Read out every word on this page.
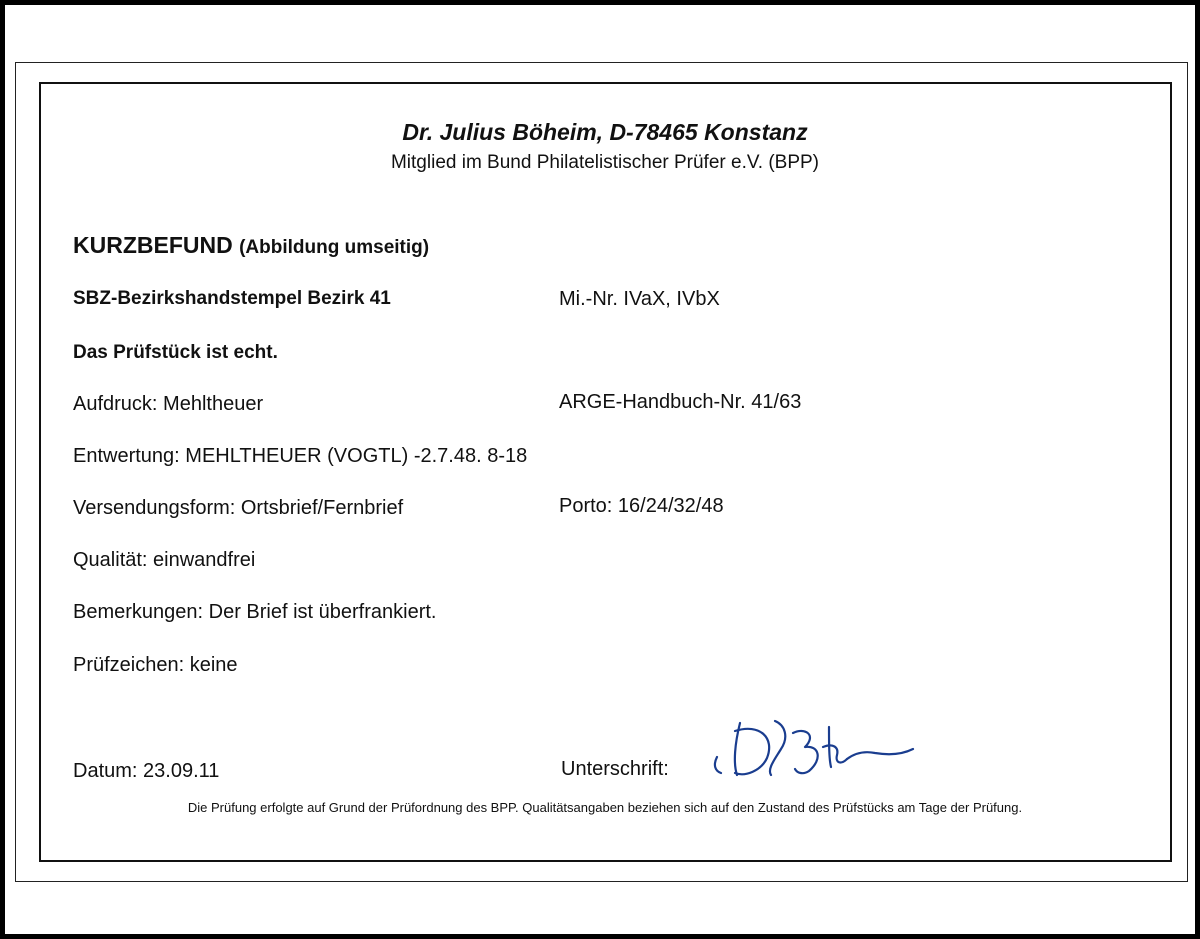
Dr. Julius Böheim, D-78465 Konstanz
Mitglied im Bund Philatelistischer Prüfer e.V. (BPP)
KURZBEFUND (Abbildung umseitig)
SBZ-Bezirkshandstempel Bezirk 41	Mi.-Nr. IVaX, IVbX
Das Prüfstück ist echt.
Aufdruck: Mehltheuer	ARGE-Handbuch-Nr. 41/63
Entwertung: MEHLTHEUER (VOGTL) -2.7.48. 8-18
Versendungsform: Ortsbrief/Fernbrief	Porto: 16/24/32/48
Qualität: einwandfrei
Bemerkungen: Der Brief ist überfrankiert.
Prüfzeichen: keine
Datum: 23.09.11	Unterschrift:
Die Prüfung erfolgte auf Grund der Prüfordnung des BPP. Qualitätsangaben beziehen sich auf den Zustand des Prüfstücks am Tage der Prüfung.
